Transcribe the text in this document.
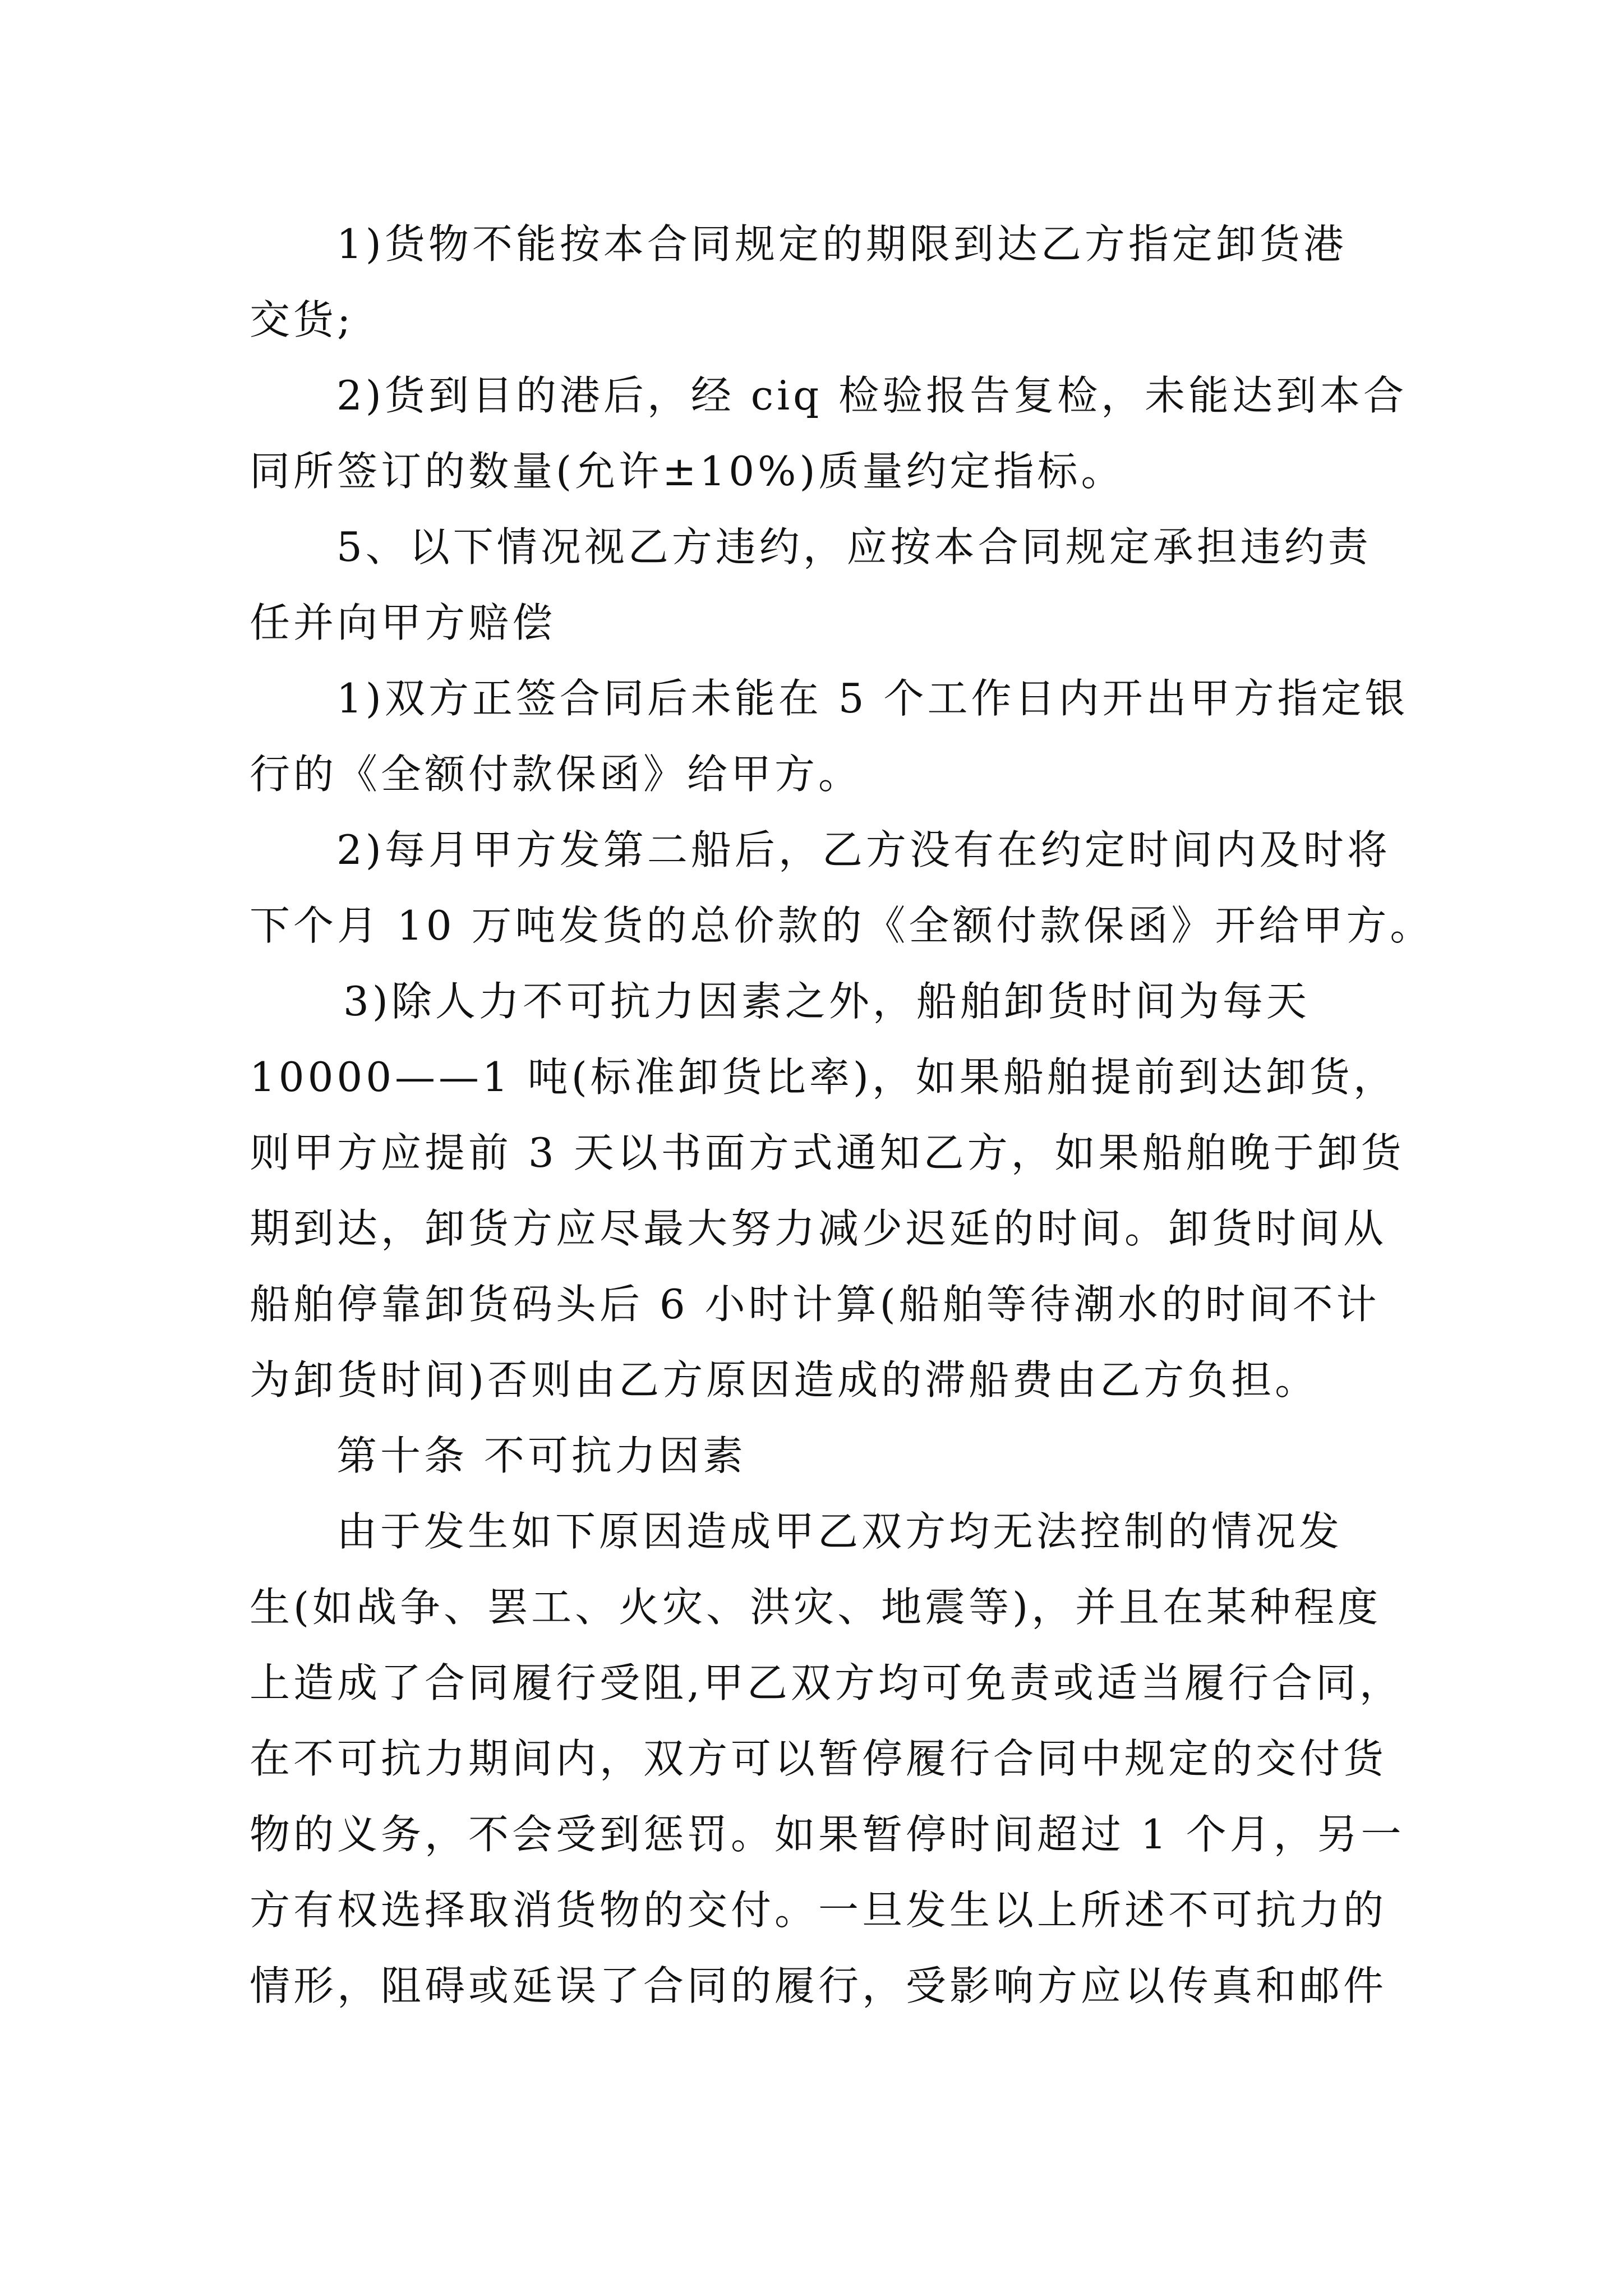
1)货物不能按本合同规定的期限到达乙方指定卸货港
交货;
2)货到目的港后，经 ciq 检验报告复检，未能达到本合
同所签订的数量(允许±10%)质量约定指标。
5、以下情况视乙方违约，应按本合同规定承担违约责
任并向甲方赔偿
1)双方正签合同后未能在 5 个工作日内开出甲方指定银
行的《全额付款保函》给甲方。
2)每月甲方发第二船后，乙方没有在约定时间内及时将
下个月 10 万吨发货的总价款的《全额付款保函》开给甲方。
3)除人力不可抗力因素之外，船舶卸货时间为每天
10000——1 吨(标准卸货比率)，如果船舶提前到达卸货，
则甲方应提前 3 天以书面方式通知乙方，如果船舶晚于卸货
期到达，卸货方应尽最大努力减少迟延的时间。卸货时间从
船舶停靠卸货码头后 6 小时计算(船舶等待潮水的时间不计
为卸货时间)否则由乙方原因造成的滞船费由乙方负担。
第十条 不可抗力因素
由于发生如下原因造成甲乙双方均无法控制的情况发
生(如战争、罢工、火灾、洪灾、地震等)，并且在某种程度
上造成了合同履行受阻,甲乙双方均可免责或适当履行合同，
在不可抗力期间内，双方可以暂停履行合同中规定的交付货
物的义务，不会受到惩罚。如果暂停时间超过 1 个月，另一
方有权选择取消货物的交付。一旦发生以上所述不可抗力的
情形，阻碍或延误了合同的履行，受影响方应以传真和邮件
